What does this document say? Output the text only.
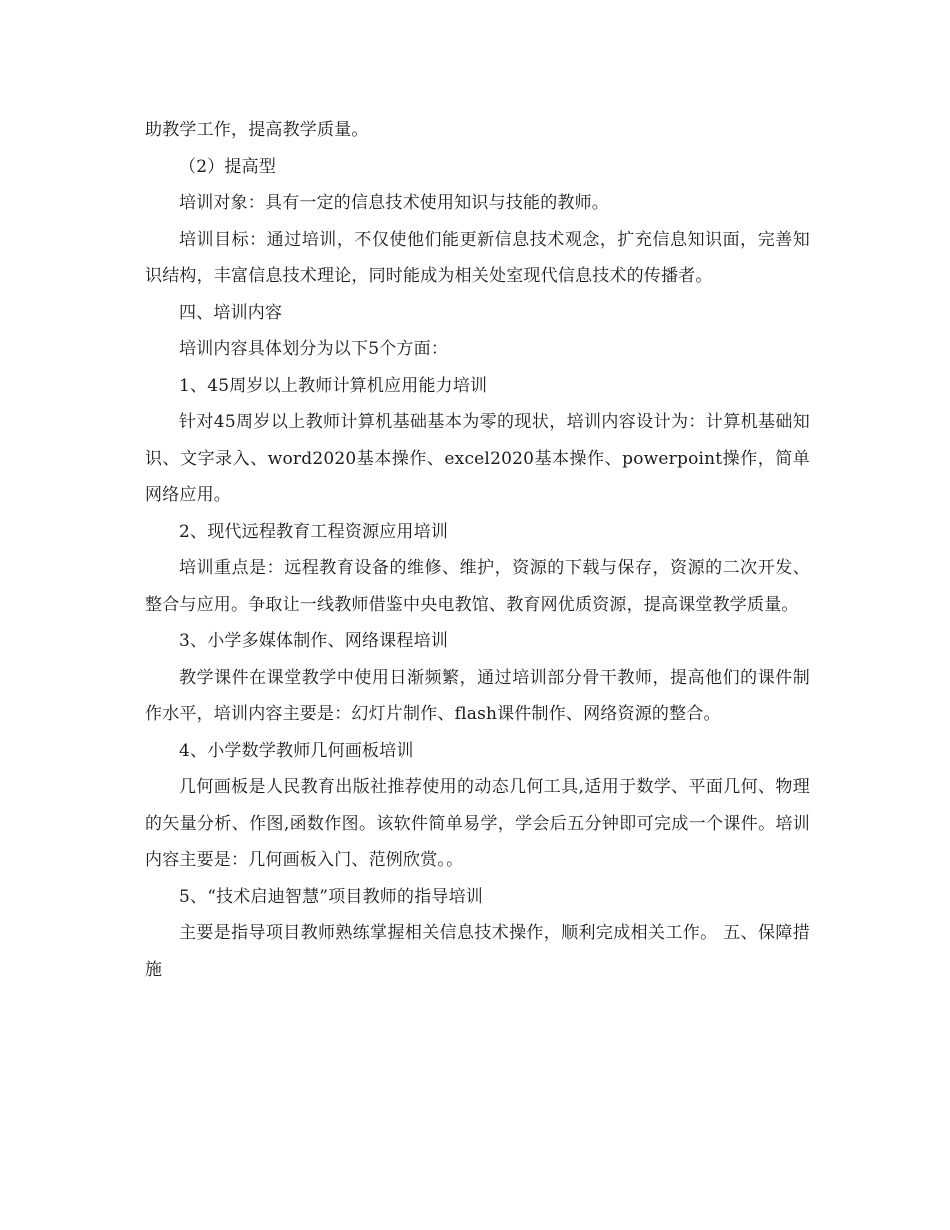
助教学工作，提高教学质量。

（2）提高型

培训对象：具有一定的信息技术使用知识与技能的教师。

培训目标：通过培训，不仅使他们能更新信息技术观念，扩充信息知识面，完善知识结构，丰富信息技术理论，同时能成为相关处室现代信息技术的传播者。

四、培训内容

培训内容具体划分为以下5个方面：

1、45周岁以上教师计算机应用能力培训

针对45周岁以上教师计算机基础基本为零的现状，培训内容设计为：计算机基础知识、文字录入、word2020基本操作、excel2020基本操作、powerpoint操作，简单网络应用。

2、现代远程教育工程资源应用培训

培训重点是：远程教育设备的维修、维护，资源的下载与保存，资源的二次开发、整合与应用。争取让一线教师借鉴中央电教馆、教育网优质资源，提高课堂教学质量。

3、小学多媒体制作、网络课程培训

教学课件在课堂教学中使用日渐频繁，通过培训部分骨干教师，提高他们的课件制作水平，培训内容主要是：幻灯片制作、flash课件制作、网络资源的整合。

4、小学数学教师几何画板培训

几何画板是人民教育出版社推荐使用的动态几何工具,适用于数学、平面几何、物理的矢量分析、作图,函数作图。该软件简单易学，学会后五分钟即可完成一个课件。培训内容主要是：几何画板入门、范例欣赏。。

5、“技术启迪智慧”项目教师的指导培训

主要是指导项目教师熟练掌握相关信息技术操作，顺利完成相关工作。 五、保障措施
